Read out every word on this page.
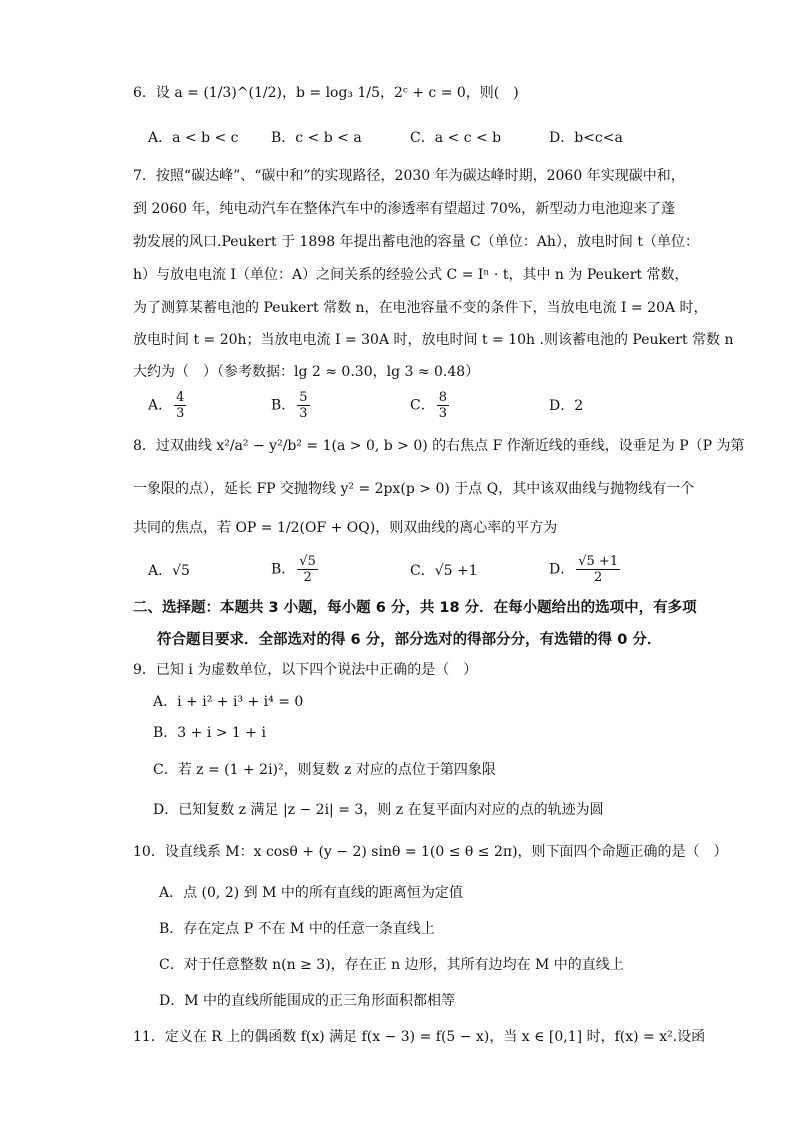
6．设 a = (1/3)^(1/2)，b = log₃ 1/5，2ᶜ + c = 0，则(　)
A．a < b < c B．c < b < a	C．a < c < b	D．b<c<a
7．按照“碳达峰”、“碳中和”的实现路径，2030 年为碳达峰时期，2060 年实现碳中和，
到 2060 年，纯电动汽车在整体汽车中的渗透率有望超过 70%，新型动力电池迎来了蓬
勃发展的风口.Peukert 于 1898 年提出蓄电池的容量 C（单位：Ah），放电时间 t（单位：
h）与放电电流 I（单位：A）之间关系的经验公式 C = Iⁿ · t，其中 n 为 Peukert 常数，
为了测算某蓄电池的 Peukert 常数 n，在电池容量不变的条件下，当放电电流 I = 20A 时，
放电时间 t = 20h；当放电电流 I = 30A 时，放电时间 t = 10h .则该蓄电池的 Peukert 常数 n
大约为（　）（参考数据：lg 2 ≈ 0.30，lg 3 ≈ 0.48）
A． $\frac{4}{3}$	B． $\frac{5}{3}$	C． $\frac{8}{3}$	D．2
8．过双曲线 x²/a² − y²/b² = 1(a > 0, b > 0) 的右焦点 F 作渐近线的垂线，设垂足为 P（P 为第
一象限的点），延长 FP 交抛物线 y² = 2px(p > 0) 于点 Q，其中该双曲线与抛物线有一个
共同的焦点，若 OP = 1/2(OF + OQ)，则双曲线的离心率的平方为
A．√5	B． $\frac{√5}{2}$	C．√5 +1	D． $\frac{√5 +1}{2}$
二、选择题：本题共 3 小题，每小题 6 分，共 18 分．在每小题给出的选项中，有多项
符合题目要求．全部选对的得 6 分，部分选对的得部分分，有选错的得 0 分．
9．已知 i 为虚数单位，以下四个说法中正确的是（　）
A．i + i² + i³ + i⁴ = 0
B．3 + i > 1 + i
C．若 z = (1 + 2i)²，则复数 z 对应的点位于第四象限
D．已知复数 z 满足 |z − 2i| = 3，则 z 在复平面内对应的点的轨迹为圆
10．设直线系 M：x cosθ + (y − 2) sinθ = 1(0 ≤ θ ≤ 2π)，则下面四个命题正确的是（　）
A．点 (0, 2) 到 M 中的所有直线的距离恒为定值
B．存在定点 P 不在 M 中的任意一条直线上
C．对于任意整数 n(n ≥ 3)，存在正 n 边形，其所有边均在 M 中的直线上
D．M 中的直线所能围成的正三角形面积都相等
11．定义在 R 上的偶函数 f(x) 满足 f(x − 3) = f(5 − x)，当 x ∈ [0,1] 时，f(x) = x².设函
